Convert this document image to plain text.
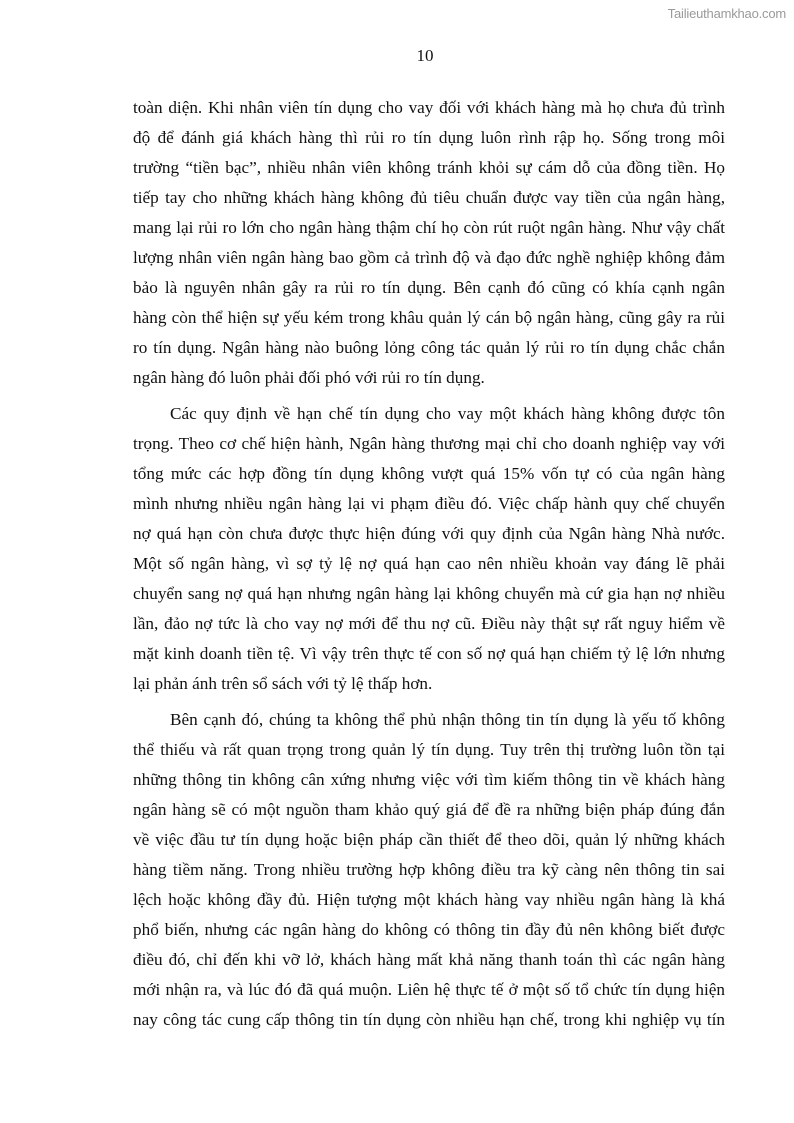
Tailieuthamkhao.com
10
toàn diện. Khi nhân viên tín dụng cho vay đối với khách hàng mà họ chưa đủ trình
độ để đánh giá khách hàng thì rủi ro tín dụng luôn rình rập họ. Sống trong môi
trường “tiền bạc”, nhiều nhân viên không tránh khỏi sự cám dỗ của đồng tiền. Họ
tiếp tay cho những khách hàng không đủ tiêu chuẩn được vay tiền của ngân hàng,
mang lại rủi ro lớn cho ngân hàng thậm chí họ còn rút ruột ngân hàng. Như vậy chất
lượng nhân viên ngân hàng bao gồm cả trình độ và đạo đức nghề nghiệp không đảm
bảo là nguyên nhân gây ra rủi ro tín dụng. Bên cạnh đó cũng có khía cạnh ngân
hàng còn thể hiện sự yếu kém trong khâu quản lý cán bộ ngân hàng, cũng gây ra rủi
ro tín dụng. Ngân hàng nào buông lỏng công tác quản lý rủi ro tín dụng chắc chắn
ngân hàng đó luôn phải đối phó với rủi ro tín dụng.
Các quy định về hạn chế tín dụng cho vay một khách hàng không được tôn
trọng. Theo cơ chế hiện hành, Ngân hàng thương mại chỉ cho doanh nghiệp vay với
tổng mức các hợp đồng tín dụng không vượt quá 15% vốn tự có của ngân hàng
mình nhưng nhiều ngân hàng lại vi phạm điều đó. Việc chấp hành quy chế chuyển
nợ quá hạn còn chưa được thực hiện đúng với quy định của Ngân hàng Nhà nước.
Một số ngân hàng, vì sợ tỷ lệ nợ quá hạn cao nên nhiều khoản vay đáng lẽ phải
chuyển sang nợ quá hạn nhưng ngân hàng lại không chuyển mà cứ gia hạn nợ nhiều
lần, đảo nợ tức là cho vay nợ mới để thu nợ cũ. Điều này thật sự rất nguy hiểm về
mặt kinh doanh tiền tệ. Vì vậy trên thực tế con số nợ quá hạn chiếm tỷ lệ lớn nhưng
lại phản ánh trên sổ sách với tỷ lệ thấp hơn.
Bên cạnh đó, chúng ta không thể phủ nhận thông tin tín dụng là yếu tố không
thể thiếu và rất quan trọng trong quản lý tín dụng. Tuy trên thị trường luôn tồn tại
những thông tin không cân xứng nhưng việc với tìm kiếm thông tin về khách hàng
ngân hàng sẽ có một nguồn tham khảo quý giá để đề ra những biện pháp đúng đắn
về việc đầu tư tín dụng hoặc biện pháp cần thiết để theo dõi, quản lý những khách
hàng tiềm năng. Trong nhiều trường hợp không điều tra kỹ càng nên thông tin sai
lệch hoặc không đầy đủ. Hiện tượng một khách hàng vay nhiều ngân hàng là khá
phổ biến, nhưng các ngân hàng do không có thông tin đầy đủ nên không biết được
điều đó, chỉ đến khi vỡ lở, khách hàng mất khả năng thanh toán thì các ngân hàng
mới nhận ra, và lúc đó đã quá muộn. Liên hệ thực tế ở một số tổ chức tín dụng hiện
nay công tác cung cấp thông tin tín dụng còn nhiều hạn chế, trong khi nghiệp vụ tín
